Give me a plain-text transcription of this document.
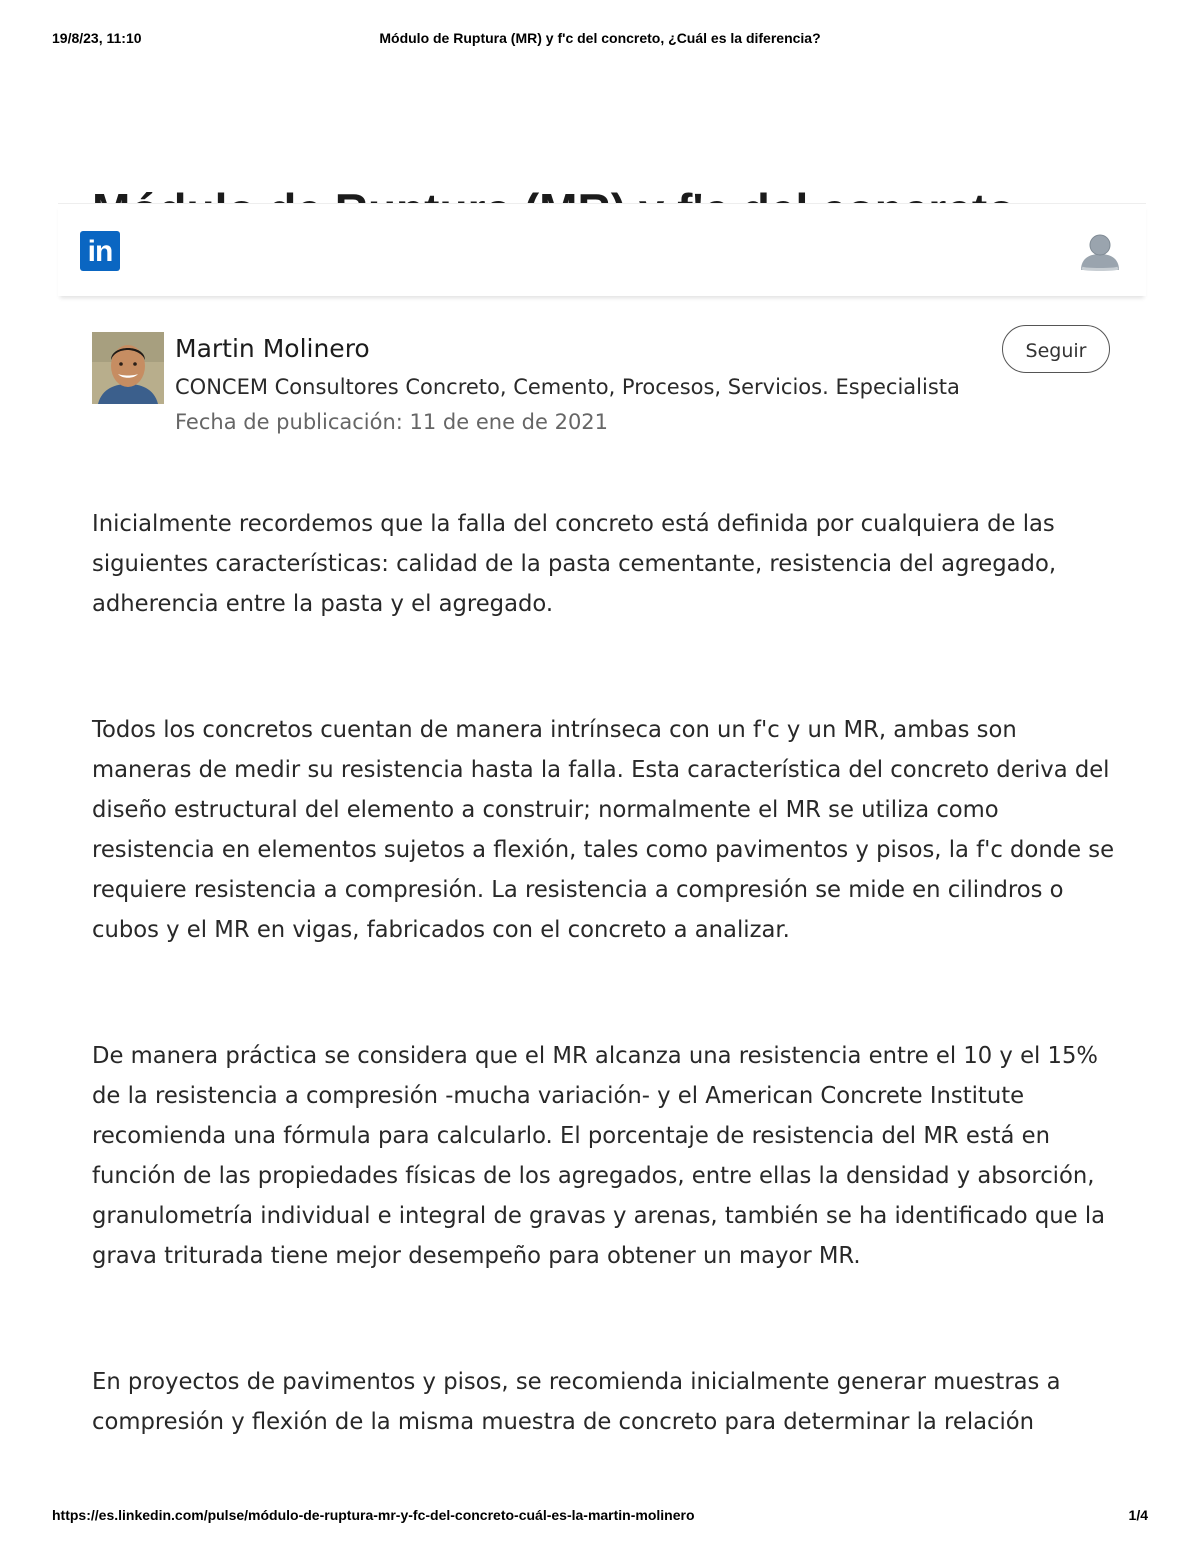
19/8/23, 11:10	Módulo de Ruptura (MR) y f'c del concreto, ¿Cuál es la diferencia?
in
Martin Molinero
CONCEM Consultores Concreto, Cemento, Procesos, Servicios. Especialista
Fecha de publicación: 11 de ene de 2021
Seguir

Inicialmente recordemos que la falla del concreto está definida por cualquiera de las siguientes características: calidad de la pasta cementante, resistencia del agregado, adherencia entre la pasta y el agregado.

Todos los concretos cuentan de manera intrínseca con un f'c y un MR, ambas son maneras de medir su resistencia hasta la falla. Esta característica del concreto deriva del diseño estructural del elemento a construir; normalmente el MR se utiliza como resistencia en elementos sujetos a flexión, tales como pavimentos y pisos, la f'c donde se requiere resistencia a compresión. La resistencia a compresión se mide en cilindros o cubos y el MR en vigas, fabricados con el concreto a analizar.

De manera práctica se considera que el MR alcanza una resistencia entre el 10 y el 15% de la resistencia a compresión -mucha variación- y el American Concrete Institute recomienda una fórmula para calcularlo. El porcentaje de resistencia del MR está en función de las propiedades físicas de los agregados, entre ellas la densidad y absorción, granulometría individual e integral de gravas y arenas, también se ha identificado que la grava triturada tiene mejor desempeño para obtener un mayor MR.

En proyectos de pavimentos y pisos, se recomienda inicialmente generar muestras a compresión y flexión de la misma muestra de concreto para determinar la relación

https://es.linkedin.com/pulse/módulo-de-ruptura-mr-y-fc-del-concreto-cuál-es-la-martin-molinero	1/4
